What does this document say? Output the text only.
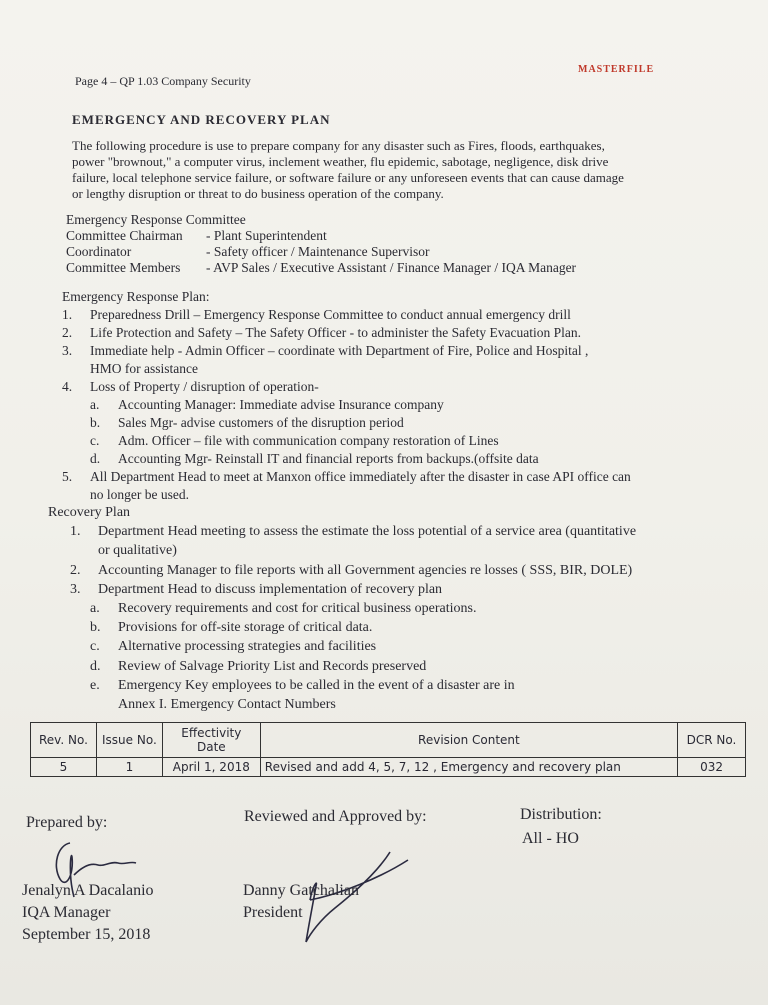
Page 4 – QP 1.03 Company Security
MASTERFILE
EMERGENCY AND RECOVERY PLAN
The following procedure is use to prepare company for any disaster such as Fires, floods, earthquakes,
power "brownout," a computer virus, inclement weather, flu epidemic, sabotage, negligence, disk drive
failure, local telephone service failure, or software failure or any unforeseen events that can cause damage
or lengthy disruption or threat to do business operation of the company.
Emergency Response Committee
Committee Chairman - Plant Superintendent
Coordinator	- Safety officer / Maintenance Supervisor
Committee Members - AVP Sales / Executive Assistant / Finance Manager / IQA Manager
Emergency Response Plan:
1. Preparedness Drill – Emergency Response Committee to conduct annual emergency drill
2. Life Protection and Safety – The Safety Officer - to administer the Safety Evacuation Plan.
3. Immediate help - Admin Officer – coordinate with Department of Fire, Police and Hospital ,
HMO for assistance
4. Loss of Property / disruption of operation-
a. Accounting Manager: Immediate advise Insurance company
b. Sales Mgr- advise customers of the disruption period
c. Adm. Officer – file with communication company restoration of Lines
d. Accounting Mgr- Reinstall IT and financial reports from backups.(offsite data
5. All Department Head to meet at Manxon office immediately after the disaster in case API office can
no longer be used.
Recovery Plan
1. Department Head meeting to assess the estimate the loss potential of a service area (quantitative
or qualitative)
2. Accounting Manager to file reports with all Government agencies re losses ( SSS, BIR, DOLE)
3. Department Head to discuss implementation of recovery plan
a. Recovery requirements and cost for critical business operations.
b. Provisions for off-site storage of critical data.
c. Alternative processing strategies and facilities
d. Review of Salvage Priority List and Records preserved
e. Emergency Key employees to be called in the event of a disaster are in
Annex I. Emergency Contact Numbers
Rev. No.	Issue No.	Effectivity Date	Revision Content	DCR No.
5	1	April 1, 2018	Revised and add 4, 5, 7, 12 , Emergency and recovery plan	032
Prepared by:	Reviewed and Approved by:	Distribution:
All - HO
Jenalyn A Dacalanio
IQA Manager
September 15, 2018
Danny Gatchalian
President
